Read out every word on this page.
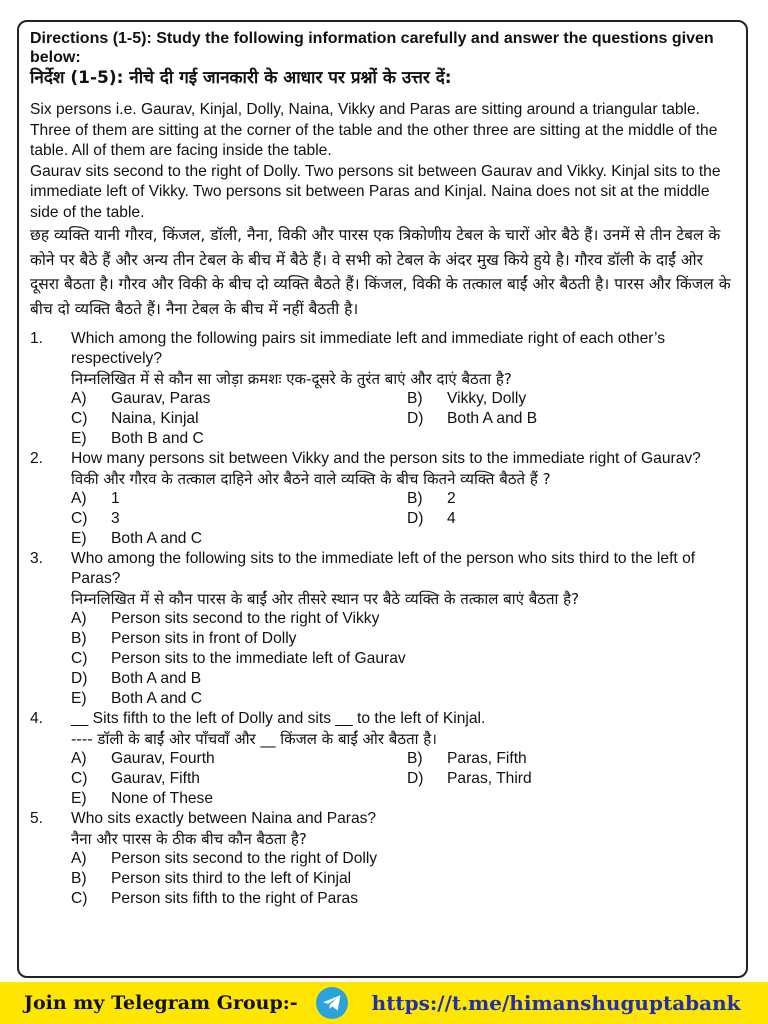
Directions (1-5): Study the following information carefully and answer the questions given below:
निर्देश (1-5): नीचे दी गई जानकारी के आधार पर प्रश्नों के उत्तर दें:
Six persons i.e. Gaurav, Kinjal, Dolly, Naina, Vikky and Paras are sitting around a triangular table. Three of them are sitting at the corner of the table and the other three are sitting at the middle of the table. All of them are facing inside the table.
Gaurav sits second to the right of Dolly. Two persons sit between Gaurav and Vikky. Kinjal sits to the immediate left of Vikky. Two persons sit between Paras and Kinjal. Naina does not sit at the middle side of the table.
छह व्यक्ति यानी गौरव, किंजल, डॉली, नैना, विकी और पारस एक त्रिकोणीय टेबल के चारों ओर बैठे हैं। उनमें से तीन टेबल के कोने पर बैठे हैं और अन्य तीन टेबल के बीच में बैठे हैं। वे सभी को टेबल के अंदर मुख किये हुये है। गौरव डॉली के दाईं ओर दूसरा बैठता है। गौरव और विकी के बीच दो व्यक्ति बैठते हैं। किंजल, विकी के तत्काल बाईं ओर बैठती है। पारस और किंजल के बीच दो व्यक्ति बैठते हैं। नैना टेबल के बीच में नहीं बैठती है।
1.	Which among the following pairs sit immediate left and immediate right of each other’s respectively?
निम्नलिखित में से कौन सा जोड़ा क्रमशः एक-दूसरे के तुरंत बाएं और दाएं बैठता है?
A)	Gaurav, Paras	B)	Vikky, Dolly
C)	Naina, Kinjal	D)	Both A and B
E)	Both B and C
2.	How many persons sit between Vikky and the person sits to the immediate right of Gaurav?
विकी और गौरव के तत्काल दाहिने ओर बैठने वाले व्यक्ति के बीच कितने व्यक्ति बैठते हैं ?
A)	1	B)	2
C)	3	D)	4
E)	Both A and C
3.	Who among the following sits to the immediate left of the person who sits third to the left of Paras?
निम्नलिखित में से कौन पारस के बाईं ओर तीसरे स्थान पर बैठे व्यक्ति के तत्काल बाएं बैठता है?
A)	Person sits second to the right of Vikky
B)	Person sits in front of Dolly
C)	Person sits to the immediate left of Gaurav
D)	Both A and B
E)	Both A and C
4.	__ Sits fifth to the left of Dolly and sits __ to the left of Kinjal.
---- डॉली के बाईं ओर पाँचवाँ और __ किंजल के बाईं ओर बैठता है।
A)	Gaurav, Fourth	B)	Paras, Fifth
C)	Gaurav, Fifth	D)	Paras, Third
E)	None of These
5.	Who sits exactly between Naina and Paras?
नैना और पारस के ठीक बीच कौन बैठता है?
A)	Person sits second to the right of Dolly
B)	Person sits third to the left of Kinjal
C)	Person sits fifth to the right of Paras
Join my Telegram Group:-	https://t.me/himanshuguptabank
